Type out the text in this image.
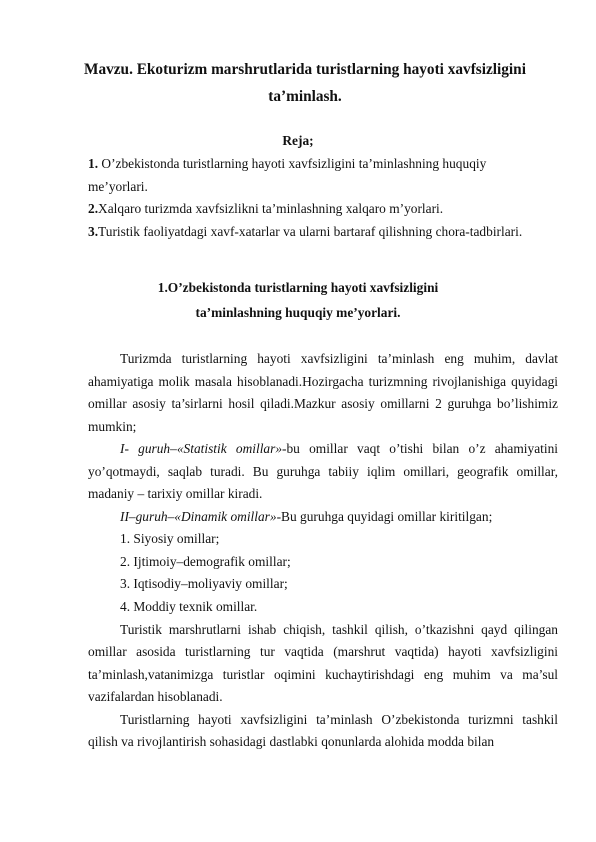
Mavzu. Ekoturizm marshrutlarida turistlarning hayoti xavfsizligini
ta’minlash.
Reja;

1. O’zbekistonda turistlarning hayoti xavfsizligini ta’minlashning huquqiy

me’yorlari.

2.Xalqaro turizmda xavfsizlikni ta’minlashning xalqaro m’yorlari.

3.Turistik faoliyatdagi xavf-xatarlar va ularni bartaraf qilishning chora-tadbirlari.

1.O’zbekistonda turistlarning hayoti xavfsizligini
ta’minlashning huquqiy me’yorlari.

Turizmda turistlarning hayoti xavfsizligini ta’minlash eng muhim, davlat ahamiyatiga molik masala hisoblanadi.Hozirgacha turizmning rivojlanishiga quyidagi omillar asosiy ta’sirlarni hosil qiladi.Mazkur asosiy omillarni 2 guruhga bo’lishimiz mumkin;

I- guruh–«Statistik omillar»-bu omillar vaqt o’tishi bilan o’z ahamiyatini yo’qotmaydi, saqlab turadi. Bu guruhga tabiiy iqlim omillari, geografik omillar, madaniy – tarixiy omillar kiradi.

II–guruh–«Dinamik omillar»-Bu guruhga quyidagi omillar kiritilgan;

1. Siyosiy omillar;

2. Ijtimoiy–demografik omillar;

3. Iqtisodiy–moliyaviy omillar;

4. Moddiy texnik omillar.

Turistik marshrutlarni ishab chiqish, tashkil qilish, o’tkazishni qayd qilingan omillar asosida turistlarning tur vaqtida (marshrut vaqtida) hayoti xavfsizligini ta’minlash,vatanimizga turistlar oqimini kuchaytirishdagi eng muhim va ma’sul vazifalardan hisoblanadi.

Turistlarning hayoti xavfsizligini ta’minlash O’zbekistonda turizmni tashkil qilish va rivojlantirish sohasidagi dastlabki qonunlarda alohida modda bilan
